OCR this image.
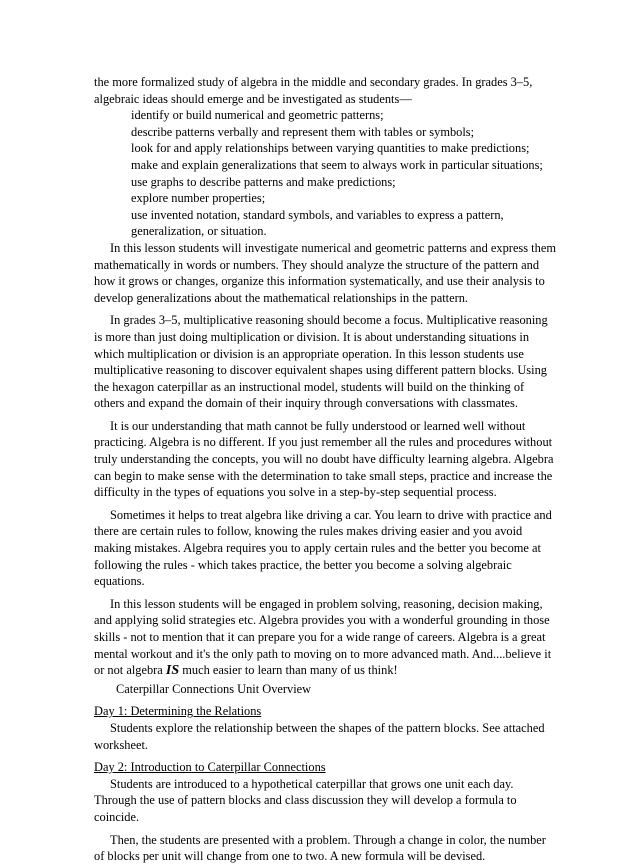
the more formalized study of algebra in the middle and secondary grades. In grades 3–5,

algebraic ideas should emerge and be investigated as students—

identify or build numerical and geometric patterns;
describe patterns verbally and represent them with tables or symbols;
look for and apply relationships between varying quantities to make predictions;
make and explain generalizations that seem to always work in particular situations;
use graphs to describe patterns and make predictions;
explore number properties;
use invented notation, standard symbols, and variables to express a pattern, generalization, or situation.

In this lesson students will investigate numerical and geometric patterns and express them mathematically in words or numbers. They should analyze the structure of the pattern and how it grows or changes, organize this information systematically, and use their analysis to develop generalizations about the mathematical relationships in the pattern.

In grades 3–5, multiplicative reasoning should become a focus. Multiplicative reasoning is more than just doing multiplication or division. It is about understanding situations in which multiplication or division is an appropriate operation. In this lesson students use multiplicative reasoning to discover equivalent shapes using different pattern blocks. Using the hexagon caterpillar as an instructional model, students will build on the thinking of others and expand the domain of their inquiry through conversations with classmates.

It is our understanding that math cannot be fully understood or learned well without practicing. Algebra is no different. If you just remember all the rules and procedures without truly understanding the concepts, you will no doubt have difficulty learning algebra. Algebra can begin to make sense with the determination to take small steps, practice and increase the difficulty in the types of equations you solve in a step-by-step sequential process.

Sometimes it helps to treat algebra like driving a car. You learn to drive with practice and there are certain rules to follow, knowing the rules makes driving easier and you avoid making mistakes. Algebra requires you to apply certain rules and the better you become at following the rules - which takes practice, the better you become a solving algebraic equations.

In this lesson students will be engaged in problem solving, reasoning, decision making, and applying solid strategies etc. Algebra provides you with a wonderful grounding in those skills - not to mention that it can prepare you for a wide range of careers. Algebra is a great mental workout and it's the only path to moving on to more advanced math. And....believe it or not algebra IS much easier to learn than many of us think!

Caterpillar Connections Unit Overview

Day 1: Determining the Relations

Students explore the relationship between the shapes of the pattern blocks. See attached worksheet.

Day 2: Introduction to Caterpillar Connections

Students are introduced to a hypothetical caterpillar that grows one unit each day. Through the use of pattern blocks and class discussion they will develop a formula to coincide.

Then, the students are presented with a problem. Through a change in color, the number of blocks per unit will change from one to two. A new formula will be devised.
